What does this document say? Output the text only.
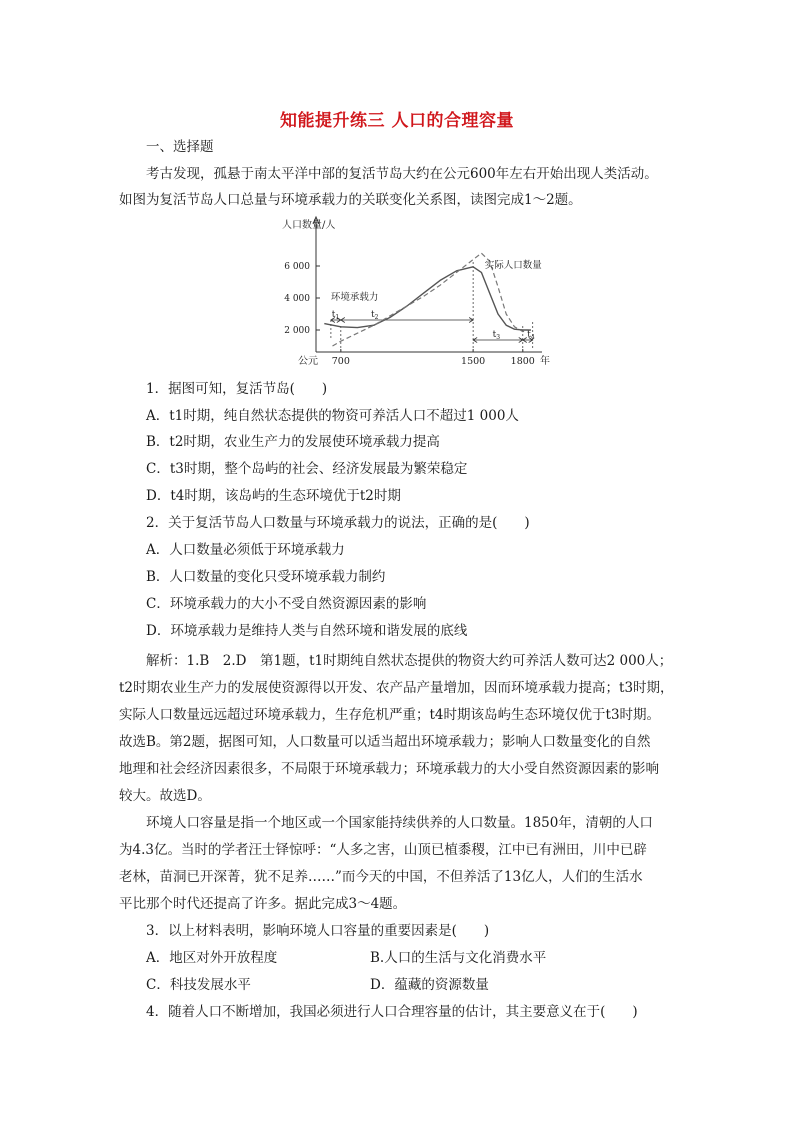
知能提升练三 人口的合理容量
一、选择题
考古发现，孤悬于南太平洋中部的复活节岛大约在公元600年左右开始出现人类活动。
如图为复活节岛人口总量与环境承载力的关联变化关系图，读图完成1～2题。
人口数量/人
年
公元
2 000
4 000
6 000
700	1500	1800
环境承载力
实际人口数量
$t_1$	$t_2$
$t_3$	$t_4$
1．据图可知，复活节岛(　　)
A．t1时期，纯自然状态提供的物资可养活人口不超过1 000人
B．t2时期，农业生产力的发展使环境承载力提高
C．t3时期，整个岛屿的社会、经济发展最为繁荣稳定
D．t4时期，该岛屿的生态环境优于t2时期
2．关于复活节岛人口数量与环境承载力的说法，正确的是(　　)
A．人口数量必须低于环境承载力
B．人口数量的变化只受环境承载力制约
C．环境承载力的大小不受自然资源因素的影响
D．环境承载力是维持人类与自然环境和谐发展的底线
解析：1.B　2.D　第1题，t1时期纯自然状态提供的物资大约可养活人数可达2 000人；
t2时期农业生产力的发展使资源得以开发、农产品产量增加，因而环境承载力提高；t3时期，
实际人口数量远远超过环境承载力，生存危机严重；t4时期该岛屿生态环境仅优于t3时期。
故选B。第2题，据图可知，人口数量可以适当超出环境承载力；影响人口数量变化的自然
地理和社会经济因素很多，不局限于环境承载力；环境承载力的大小受自然资源因素的影响
较大。故选D。
环境人口容量是指一个地区或一个国家能持续供养的人口数量。1850年，清朝的人口
为4.3亿。当时的学者汪士铎惊呼：“人多之害，山顶已植黍稷，江中已有洲田，川中已辟
老林，苗洞已开深菁，犹不足养……”而今天的中国，不但养活了13亿人，人们的生活水
平比那个时代还提高了许多。据此完成3～4题。
3．以上材料表明，影响环境人口容量的重要因素是(　　)
A．地区对外开放程度	B.人口的生活与文化消费水平
C．科技发展水平	D．蕴藏的资源数量
4．随着人口不断增加，我国必须进行人口合理容量的估计，其主要意义在于(　　)
